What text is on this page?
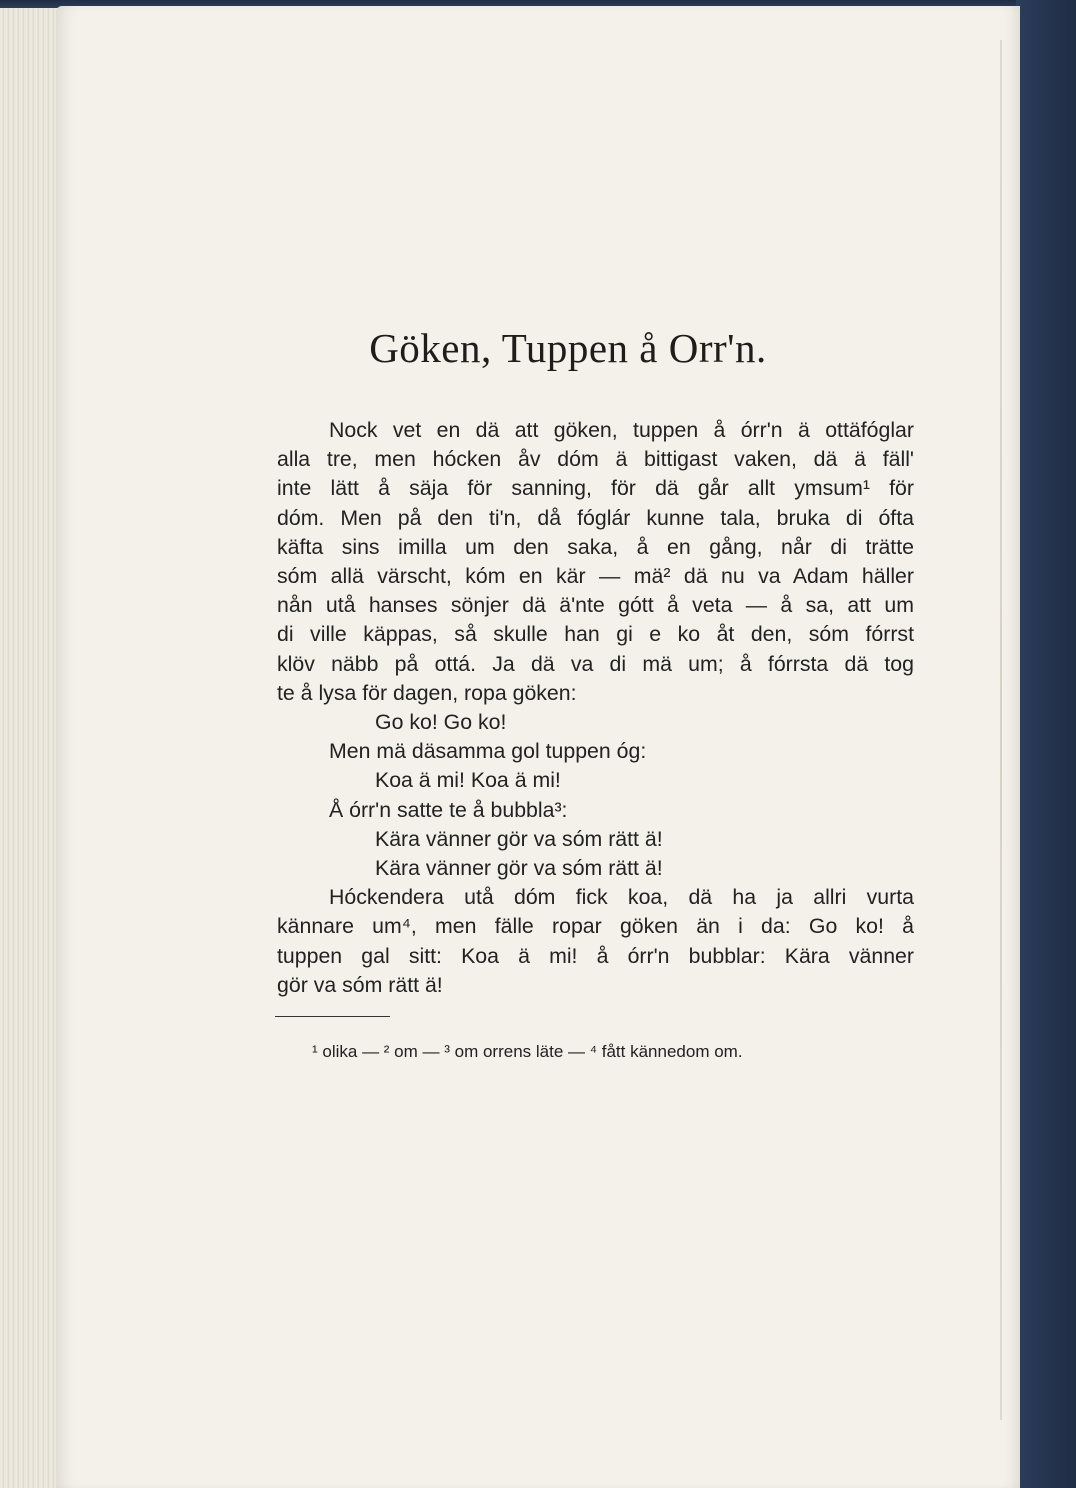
Göken, Tuppen å Orr'n.
Nock vet en dä att göken, tuppen å órr'n ä ottäfóglar
alla tre, men hócken åv dóm ä bittigast vaken, dä ä fäll'
inte lätt å säja för sanning, för dä går allt ymsum¹ för
dóm. Men på den ti'n, då fóglár kunne tala, bruka di ófta
käfta sins imilla um den saka, å en gång, når di trätte
sóm allä värscht, kóm en kär — mä² dä nu va Adam häller
nån utå hanses sönjer dä ä'nte gótt å veta — å sa, att um
di ville käppas, så skulle han gi e ko åt den, sóm fórrst
klöv näbb på ottá. Ja dä va di mä um; å fórrsta dä tog
te å lysa för dagen, ropa göken:
Go ko! Go ko!
Men mä däsamma gol tuppen óg:
Koa ä mi! Koa ä mi!
Å órr'n satte te å bubbla³:
Kära vänner gör va sóm rätt ä!
Kära vänner gör va sóm rätt ä!
Hóckendera utå dóm fick koa, dä ha ja allri vurta
kännare um⁴, men fälle ropar göken än i da: Go ko! å
tuppen gal sitt: Koa ä mi! å órr'n bubblar: Kära vänner
gör va sóm rätt ä!
¹ olika — ² om — ³ om orrens läte — ⁴ fått kännedom om.
